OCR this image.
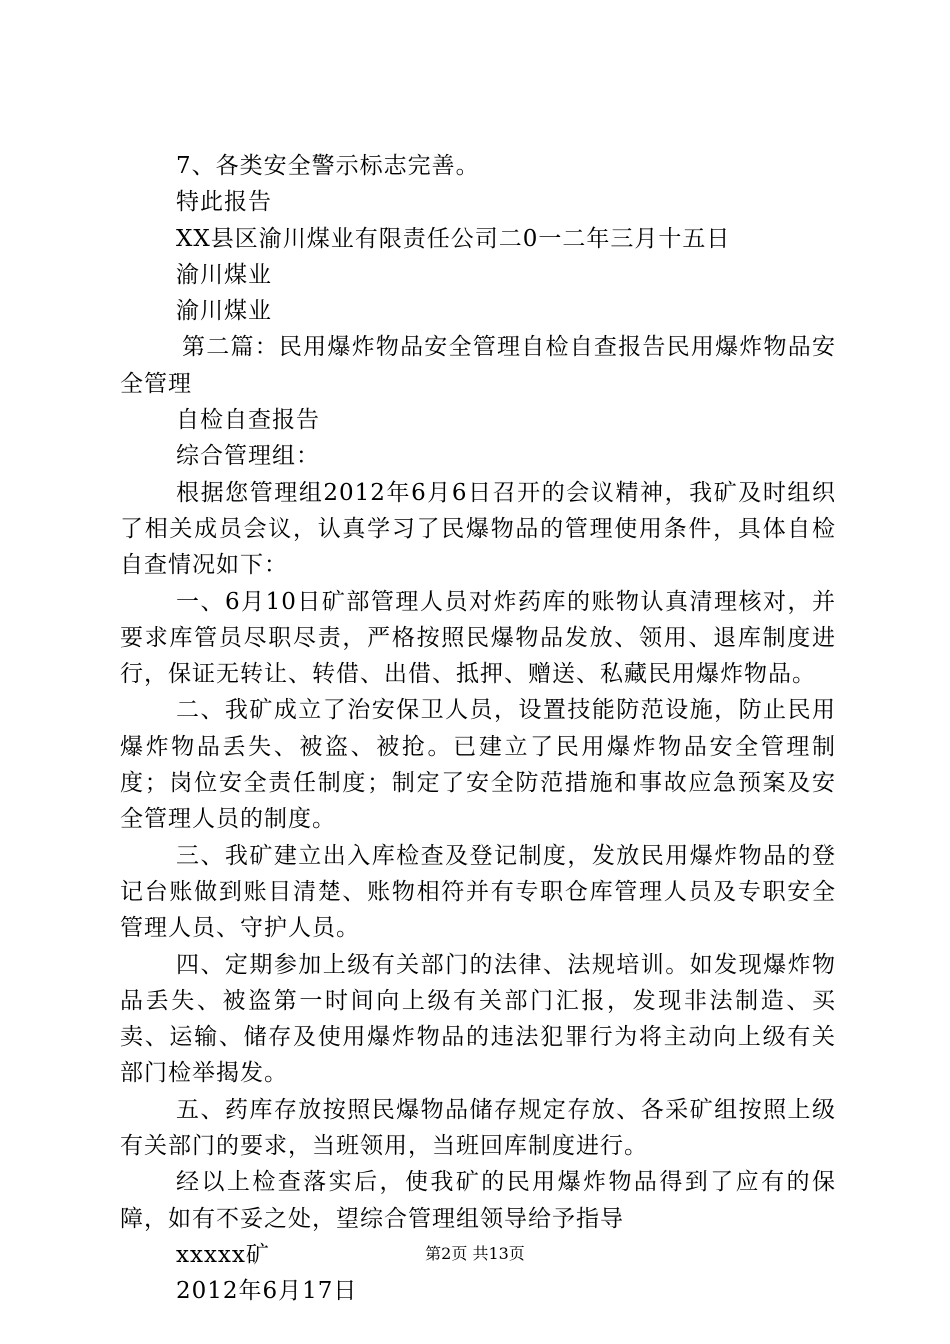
7、各类安全警示标志完善。

特此报告

XX县区渝川煤业有限责任公司二0一二年三月十五日

渝川煤业

渝川煤业

第二篇：民用爆炸物品安全管理自检自查报告民用爆炸物品安全管理

自检自查报告

综合管理组：

根据您管理组2012年6月6日召开的会议精神，我矿及时组织了相关成员会议，认真学习了民爆物品的管理使用条件，具体自检自查情况如下：

一、6月10日矿部管理人员对炸药库的账物认真清理核对，并要求库管员尽职尽责，严格按照民爆物品发放、领用、退库制度进行，保证无转让、转借、出借、抵押、赠送、私藏民用爆炸物品。

二、我矿成立了治安保卫人员，设置技能防范设施，防止民用爆炸物品丢失、被盗、被抢。已建立了民用爆炸物品安全管理制度；岗位安全责任制度；制定了安全防范措施和事故应急预案及安全管理人员的制度。

三、我矿建立出入库检查及登记制度，发放民用爆炸物品的登记台账做到账目清楚、账物相符并有专职仓库管理人员及专职安全管理人员、守护人员。

四、定期参加上级有关部门的法律、法规培训。如发现爆炸物品丢失、被盗第一时间向上级有关部门汇报，发现非法制造、买卖、运输、储存及使用爆炸物品的违法犯罪行为将主动向上级有关部门检举揭发。

五、药库存放按照民爆物品储存规定存放、各采矿组按照上级有关部门的要求，当班领用，当班回库制度进行。

经以上检查落实后，使我矿的民用爆炸物品得到了应有的保障，如有不妥之处，望综合管理组领导给予指导

xxxxx矿

2012年6月17日

第2页 共13页
